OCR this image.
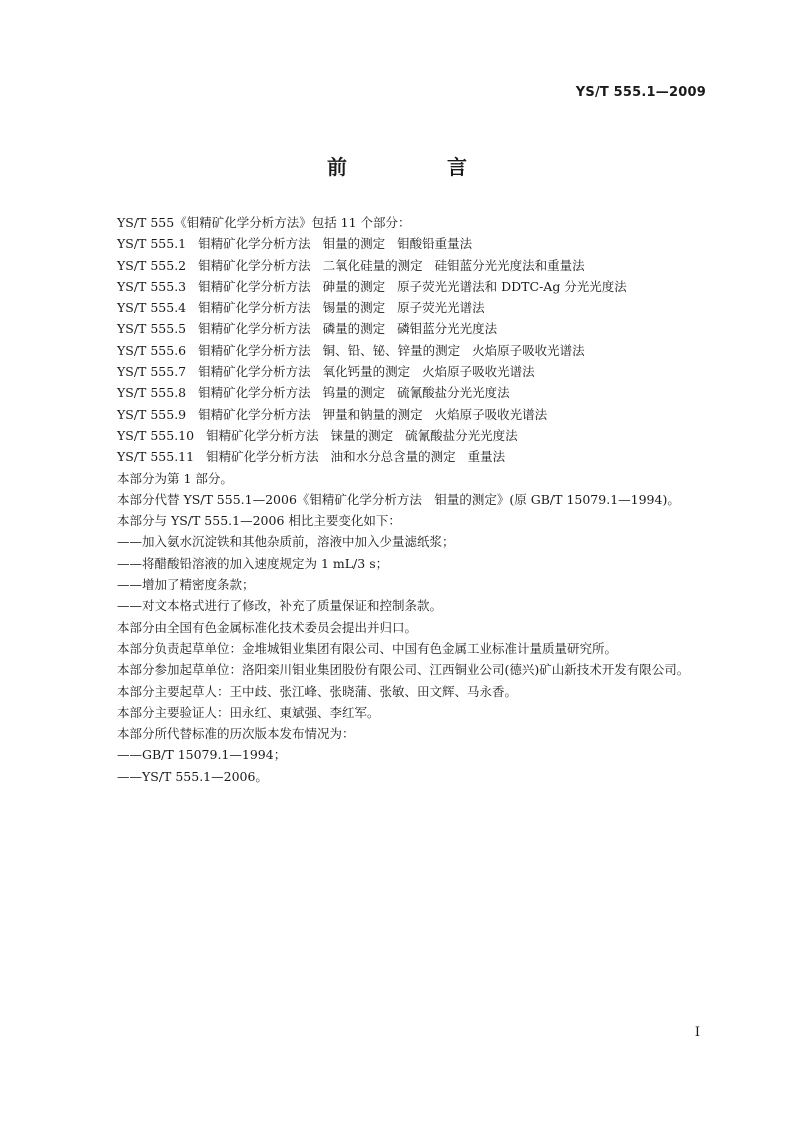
YS/T 555.1—2009
前　言

YS/T 555《钼精矿化学分析方法》包括 11 个部分：

YS/T 555.1 钼精矿化学分析方法 钼量的测定 钼酸铅重量法

YS/T 555.2 钼精矿化学分析方法 二氧化硅量的测定 硅钼蓝分光光度法和重量法

YS/T 555.3 钼精矿化学分析方法 砷量的测定 原子荧光光谱法和 DDTC-Ag 分光光度法

YS/T 555.4 钼精矿化学分析方法 锡量的测定 原子荧光光谱法

YS/T 555.5 钼精矿化学分析方法 磷量的测定 磷钼蓝分光光度法

YS/T 555.6 钼精矿化学分析方法 铜、铅、铋、锌量的测定 火焰原子吸收光谱法

YS/T 555.7 钼精矿化学分析方法 氧化钙量的测定 火焰原子吸收光谱法

YS/T 555.8 钼精矿化学分析方法 钨量的测定 硫氰酸盐分光光度法

YS/T 555.9 钼精矿化学分析方法 钾量和钠量的测定 火焰原子吸收光谱法

YS/T 555.10 钼精矿化学分析方法 铼量的测定 硫氰酸盐分光光度法

YS/T 555.11 钼精矿化学分析方法 油和水分总含量的测定 重量法

本部分为第 1 部分。

本部分代替 YS/T 555.1—2006《钼精矿化学分析方法　钼量的测定》(原 GB/T 15079.1—1994)。

本部分与 YS/T 555.1—2006 相比主要变化如下：

——加入氨水沉淀铁和其他杂质前，溶液中加入少量滤纸浆；

——将醋酸铅溶液的加入速度规定为 1 mL/3 s；

——增加了精密度条款；

——对文本格式进行了修改，补充了质量保证和控制条款。

本部分由全国有色金属标准化技术委员会提出并归口。

本部分负责起草单位：金堆城钼业集团有限公司、中国有色金属工业标准计量质量研究所。

本部分参加起草单位：洛阳栾川钼业集团股份有限公司、江西铜业公司(德兴)矿山新技术开发有限公司。

本部分主要起草人：王中歧、张江峰、张晓蒲、张敏、田文辉、马永香。

本部分主要验证人：田永红、東斌强、李红军。

本部分所代替标准的历次版本发布情况为：

——GB/T 15079.1—1994；

——YS/T 555.1—2006。

I
